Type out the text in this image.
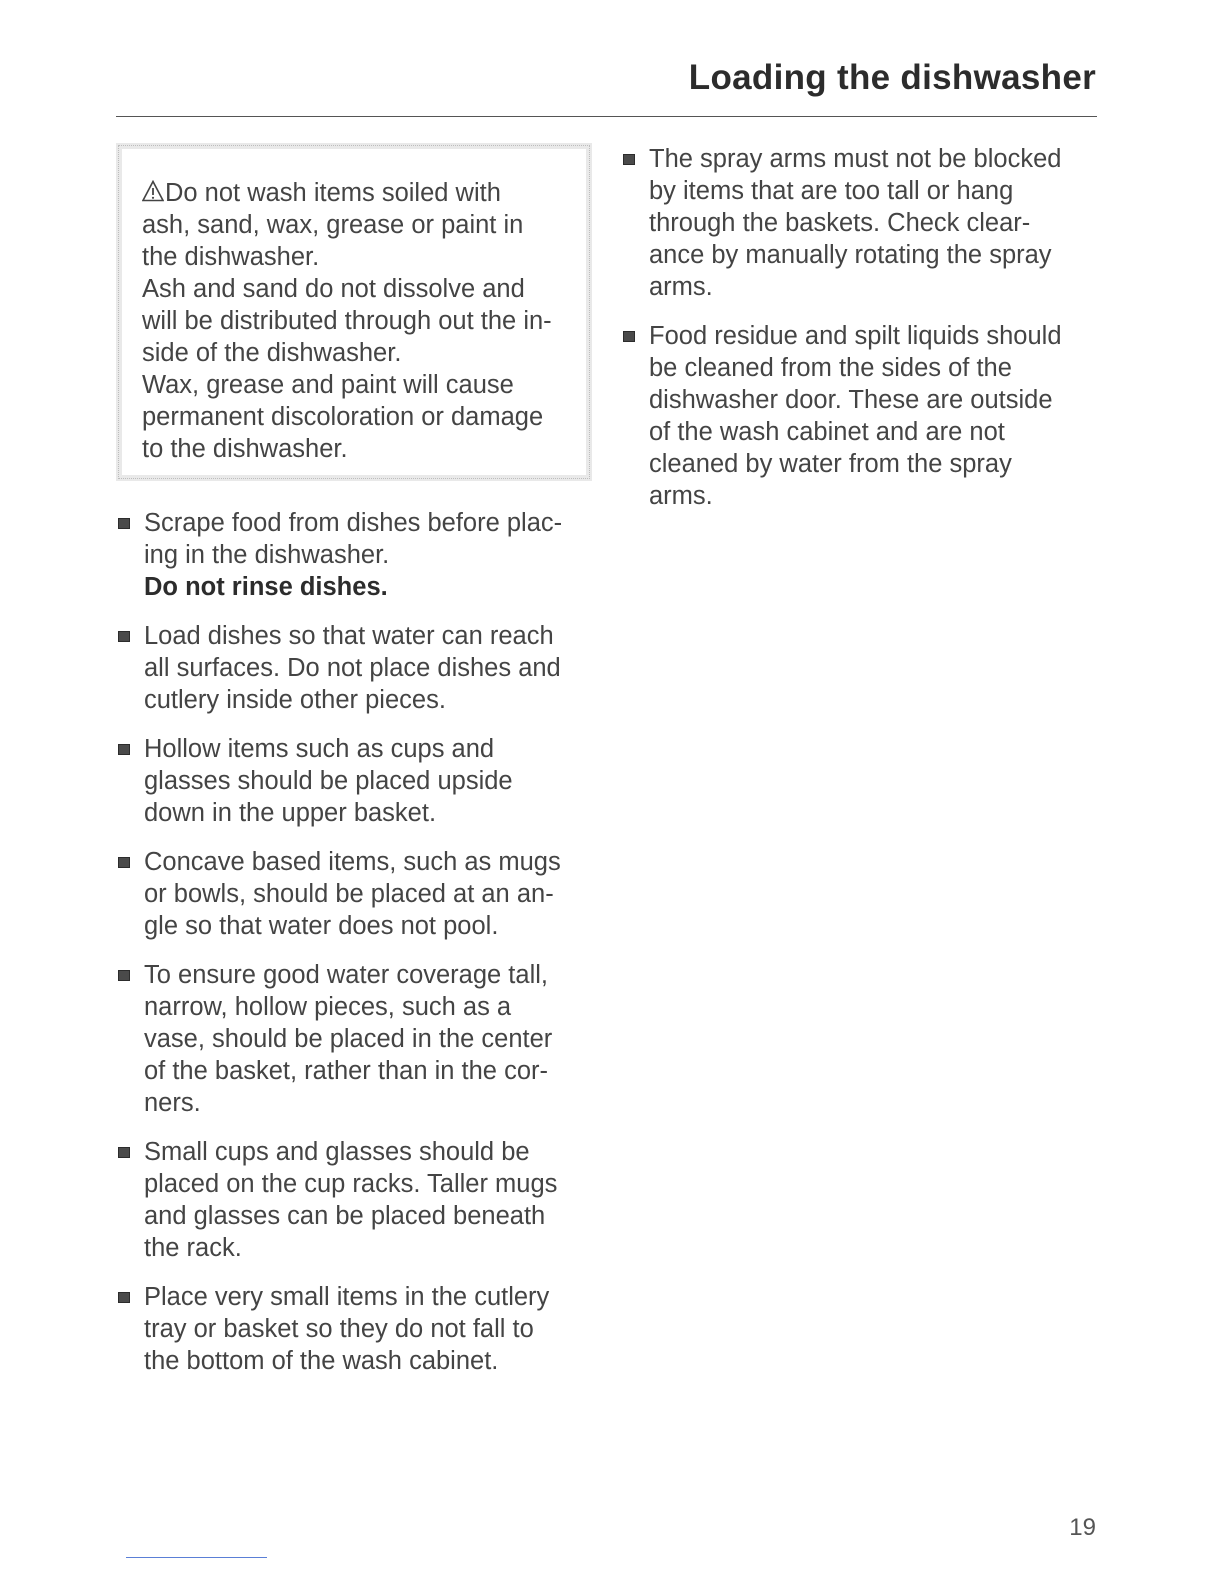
Loading the dishwasher
Do not wash items soiled with
ash, sand, wax, grease or paint in
the dishwasher.
Ash and sand do not dissolve and
will be distributed through out the in-
side of the dishwasher.
Wax, grease and paint will cause
permanent discoloration or damage
to the dishwasher.
Scrape food from dishes before plac-
ing in the dishwasher.
Do not rinse dishes.
Load dishes so that water can reach
all surfaces. Do not place dishes and
cutlery inside other pieces.
Hollow items such as cups and
glasses should be placed upside
down in the upper basket.
Concave based items, such as mugs
or bowls, should be placed at an an-
gle so that water does not pool.
To ensure good water coverage tall,
narrow, hollow pieces, such as a
vase, should be placed in the center
of the basket, rather than in the cor-
ners.
Small cups and glasses should be
placed on the cup racks. Taller mugs
and glasses can be placed beneath
the rack.
Place very small items in the cutlery
tray or basket so they do not fall to
the bottom of the wash cabinet.
The spray arms must not be blocked
by items that are too tall or hang
through the baskets. Check clear-
ance by manually rotating the spray
arms.
Food residue and spilt liquids should
be cleaned from the sides of the
dishwasher door. These are outside
of the wash cabinet and are not
cleaned by water from the spray
arms.
19
